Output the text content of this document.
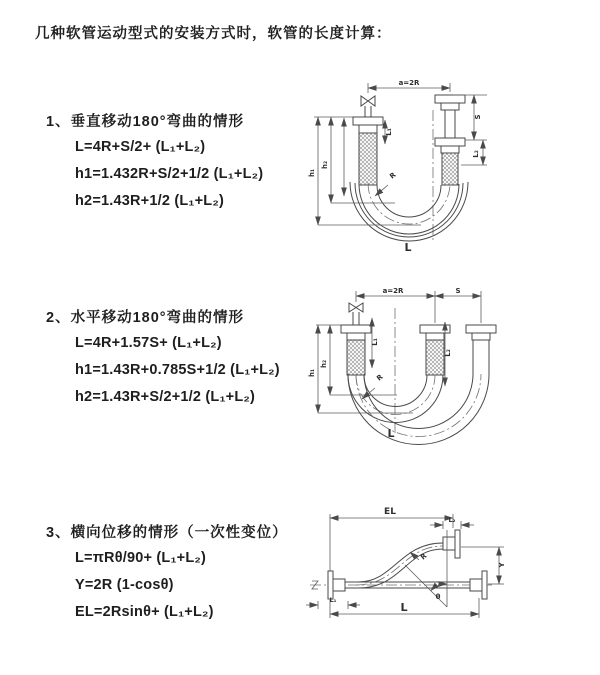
几种软管运动型式的安装方式时，软管的长度计算：
1、垂直移动180°弯曲的情形
L=4R+S/2+ (L₁+L₂)
h1=1.432R+S/2+1/2 (L₁+L₂)
h2=1.43R+1/2 (L₁+L₂)
2、水平移动180°弯曲的情形
L=4R+1.57S+ (L₁+L₂)
h1=1.43R+0.785S+1/2 (L₁+L₂)
h2=1.43R+S/2+1/2 (L₁+L₂)
3、横向位移的情形（一次性变位）
L=πRθ/90+ (L₁+L₂)
Y=2R (1-cosθ)
EL=2Rsinθ+ (L₁+L₂)
a=2R
L₁
R
L
h₁
h₂
S
L₂
a=2R	S
L₁
L₂
h₁
h₂
R
L
EL
L₂
Y
θ
R
L
L₁
